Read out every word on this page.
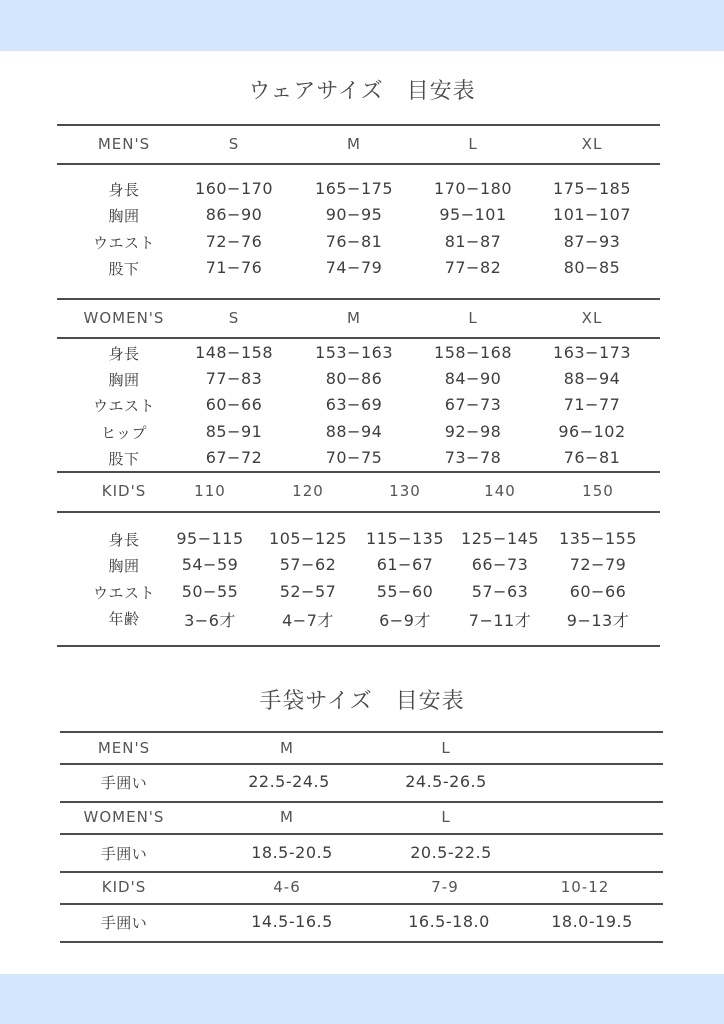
ウェアサイズ　目安表
MEN'S	S	M	L	XL
身長	160−170	165−175	170−180	175−185
胸囲	86−90	90−95	95−101	101−107
ウエスト	72−76	76−81	81−87	87−93
股下	71−76	74−79	77−82	80−85
WOMEN'S	S	M	L	XL
身長	148−158	153−163	158−168	163−173
胸囲	77−83	80−86	84−90	88−94
ウエスト	60−66	63−69	67−73	71−77
ヒップ	85−91	88−94	92−98	96−102
股下	67−72	70−75	73−78	76−81
KID'S	110	120	130	140	150
身長 95−115 105−125 115−135 125−145 135−155
胸囲	54−59	57−62	61−67 66−73	72−79
ウエスト 50−55	52−57	55−60 57−63	60−66
年齢	3−6才	4−7才	6−9才 7−11才 9−13才
手袋サイズ　目安表
MEN'S	M	L
手囲い	22.5-24.5	24.5-26.5
WOMEN'S	M	L
手囲い	18.5-20.5	20.5-22.5
KID'S	4-6	7-9	10-12
手囲い	14.5-16.5	16.5-18.0	18.0-19.5
